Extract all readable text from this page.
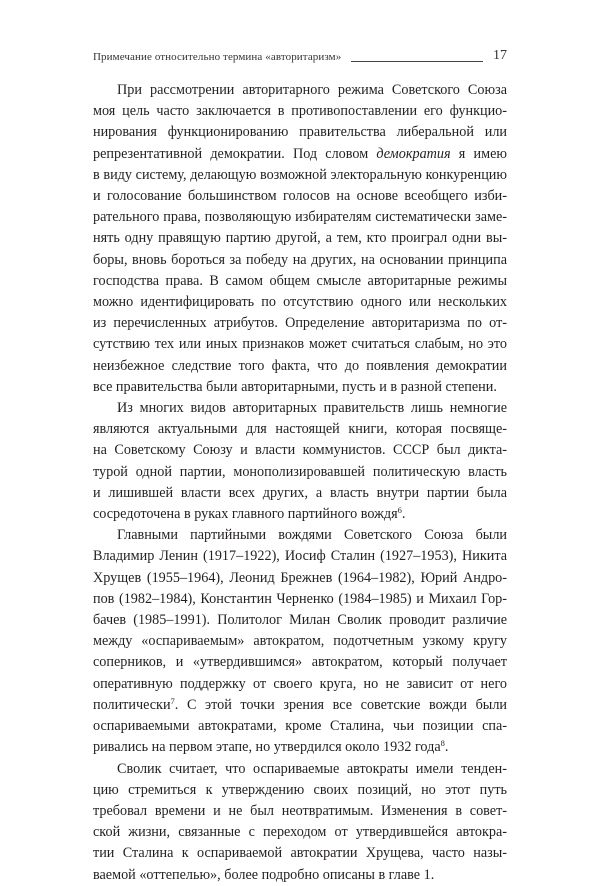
Примечание относительно термина «авторитаризм»	17

При рассмотрении авторитарного режима Советского Союза
моя цель часто заключается в противопоставлении его функцио-
нирования функционированию правительства либеральной или
репрезентативной демократии. Под словом демократия я имею
в виду систему, делающую возможной электоральную конкуренцию
и голосование большинством голосов на основе всеобщего изби-
рательного права, позволяющую избирателям систематически заме-
нять одну правящую партию другой, а тем, кто проиграл одни вы-
боры, вновь бороться за победу на других, на основании принципа
господства права. В самом общем смысле авторитарные режимы
можно идентифицировать по отсутствию одного или нескольких
из перечисленных атрибутов. Определение авторитаризма по от-
сутствию тех или иных признаков может считаться слабым, но это
неизбежное следствие того факта, что до появления демократии
все правительства были авторитарными, пусть и в разной степени.

Из многих видов авторитарных правительств лишь немногие
являются актуальными для настоящей книги, которая посвяще-
на Советскому Союзу и власти коммунистов. СССР был дикта-
турой одной партии, монополизировавшей политическую власть
и лишившей власти всех других, а власть внутри партии была
сосредоточена в руках главного партийного вождя$^6$.

Главными партийными вождями Советского Союза были
Владимир Ленин (1917–1922), Иосиф Сталин (1927–1953), Никита
Хрущев (1955–1964), Леонид Брежнев (1964–1982), Юрий Андро-
пов (1982–1984), Константин Черненко (1984–1985) и Михаил Гор-
бачев (1985–1991). Политолог Милан Сволик проводит различие
между «оспариваемым» автократом, подотчетным узкому кругу
соперников, и «утвердившимся» автократом, который получает
оперативную поддержку от своего круга, но не зависит от него
политически$^7$. С этой точки зрения все советские вожди были
оспариваемыми автократами, кроме Сталина, чьи позиции спа-
ривались на первом этапе, но утвердился около 1932 года$^8$.

Сволик считает, что оспариваемые автократы имели тенден-
цию стремиться к утверждению своих позиций, но этот путь
требовал времени и не был неотвратимым. Изменения в совет-
ской жизни, связанные с переходом от утвердившейся автокра-
тии Сталина к оспариваемой автократии Хрущева, часто назы-
ваемой «оттепелью», более подробно описаны в главе 1.
